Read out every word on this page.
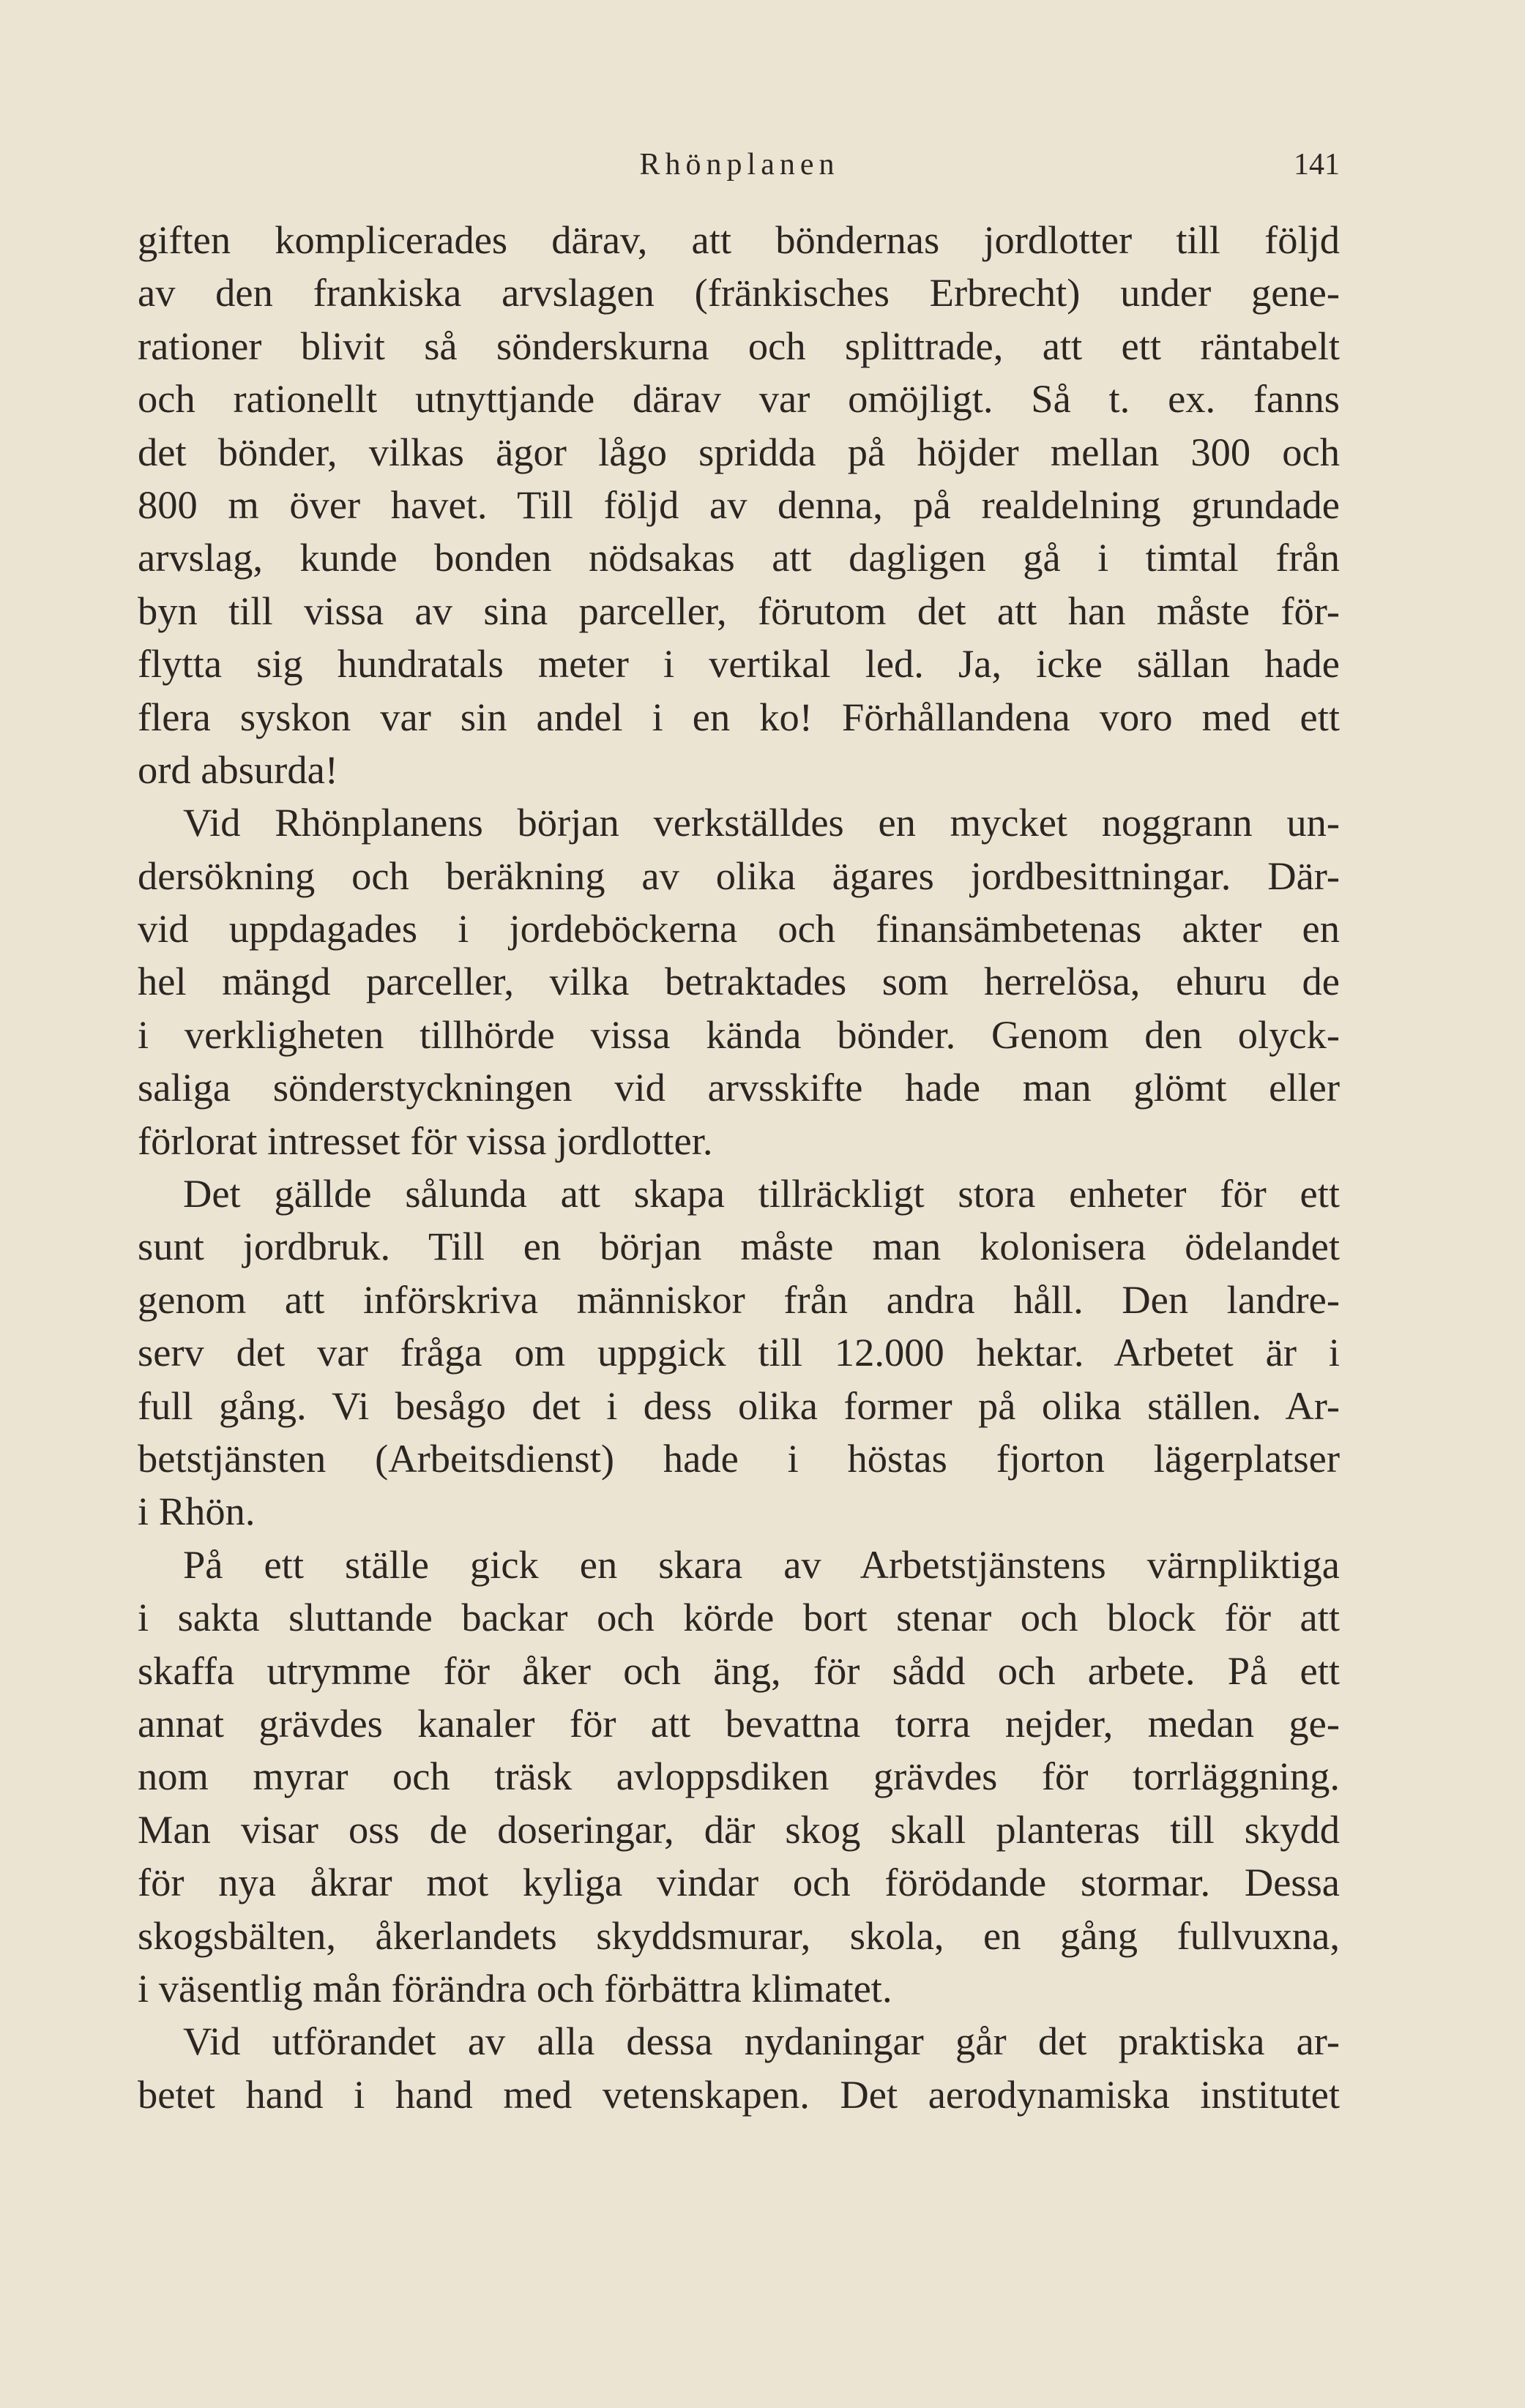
Rhönplanen	141
giften komplicerades därav, att böndernas jordlotter till följd
av den frankiska arvslagen (fränkisches Erbrecht) under gene-
rationer blivit så sönderskurna och splittrade, att ett räntabelt
och rationellt utnyttjande därav var omöjligt. Så t. ex. fanns
det bönder, vilkas ägor lågo spridda på höjder mellan 300 och
800 m över havet. Till följd av denna, på realdelning grundade
arvslag, kunde bonden nödsakas att dagligen gå i timtal från
byn till vissa av sina parceller, förutom det att han måste för-
flytta sig hundratals meter i vertikal led. Ja, icke sällan hade
flera syskon var sin andel i en ko! Förhållandena voro med ett
ord absurda!
Vid Rhönplanens början verkställdes en mycket noggrann un-
dersökning och beräkning av olika ägares jordbesittningar. Där-
vid uppdagades i jordeböckerna och finansämbetenas akter en
hel mängd parceller, vilka betraktades som herrelösa, ehuru de
i verkligheten tillhörde vissa kända bönder. Genom den olyck-
saliga sönderstyckningen vid arvsskifte hade man glömt eller
förlorat intresset för vissa jordlotter.
Det gällde sålunda att skapa tillräckligt stora enheter för ett
sunt jordbruk. Till en början måste man kolonisera ödelandet
genom att införskriva människor från andra håll. Den landre-
serv det var fråga om uppgick till 12.000 hektar. Arbetet är i
full gång. Vi besågo det i dess olika former på olika ställen. Ar-
betstjänsten (Arbeitsdienst) hade i höstas fjorton lägerplatser
i Rhön.
På ett ställe gick en skara av Arbetstjänstens värnpliktiga
i sakta sluttande backar och körde bort stenar och block för att
skaffa utrymme för åker och äng, för sådd och arbete. På ett
annat grävdes kanaler för att bevattna torra nejder, medan ge-
nom myrar och träsk avloppsdiken grävdes för torrläggning.
Man visar oss de doseringar, där skog skall planteras till skydd
för nya åkrar mot kyliga vindar och förödande stormar. Dessa
skogsbälten, åkerlandets skyddsmurar, skola, en gång fullvuxna,
i väsentlig mån förändra och förbättra klimatet.
Vid utförandet av alla dessa nydaningar går det praktiska ar-
betet hand i hand med vetenskapen. Det aerodynamiska institutet
